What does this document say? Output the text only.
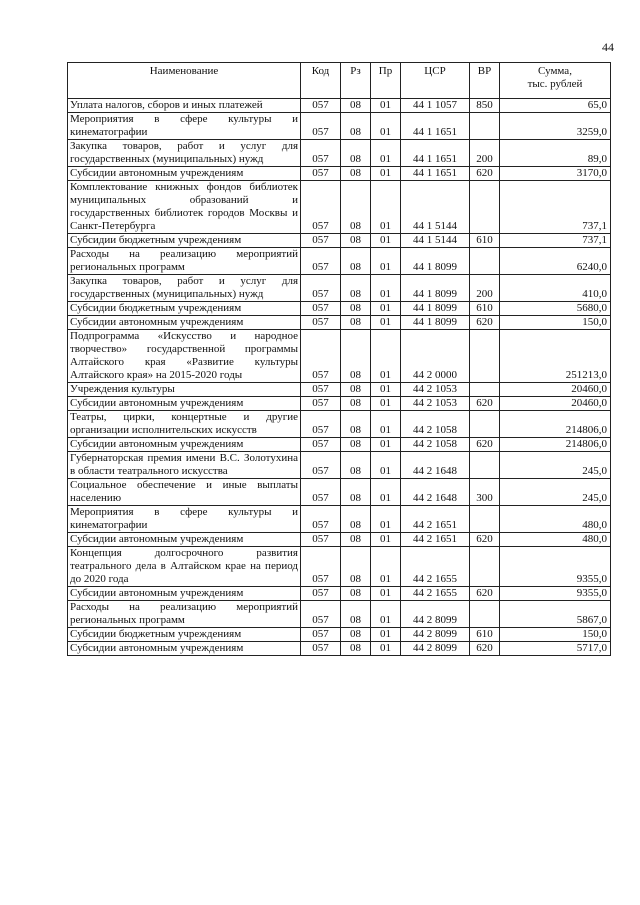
44
Наименование	Код	Рз	Пр	ЦСР	ВР	Сумма,
тыс. рублей
Уплата налогов, сборов и иных платежей	057	08	01	44 1 1057	850	65,0
Мероприятия в сфере культуры и кинематографии	057	08	01	44 1 1651		3259,0
Закупка товаров, работ и услуг для государственных (муниципальных) нужд	057	08	01	44 1 1651	200	89,0
Субсидии автономным учреждениям	057	08	01	44 1 1651	620	3170,0
Комплектование книжных фондов библиотек муниципальных образований и государственных библиотек городов Москвы и Санкт-Петербурга	057	08	01	44 1 5144		737,1
Субсидии бюджетным учреждениям	057	08	01	44 1 5144	610	737,1
Расходы на реализацию мероприятий региональных программ	057	08	01	44 1 8099		6240,0
Закупка товаров, работ и услуг для государственных (муниципальных) нужд	057	08	01	44 1 8099	200	410,0
Субсидии бюджетным учреждениям	057	08	01	44 1 8099	610	5680,0
Субсидии автономным учреждениям	057	08	01	44 1 8099	620	150,0
Подпрограмма «Искусство и народное творчество» государственной программы Алтайского края «Развитие культуры Алтайского края» на 2015-2020 годы	057	08	01	44 2 0000		251213,0
Учреждения культуры	057	08	01	44 2 1053		20460,0
Субсидии автономным учреждениям	057	08	01	44 2 1053	620	20460,0
Театры, цирки, концертные и другие организации исполнительских искусств	057	08	01	44 2 1058		214806,0
Субсидии автономным учреждениям	057	08	01	44 2 1058	620	214806,0
Губернаторская премия имени В.С. Золотухина в области театрального искусства	057	08	01	44 2 1648		245,0
Социальное обеспечение и иные выплаты населению	057	08	01	44 2 1648	300	245,0
Мероприятия в сфере культуры и кинематографии	057	08	01	44 2 1651		480,0
Субсидии автономным учреждениям	057	08	01	44 2 1651	620	480,0
Концепция долгосрочного развития театрального дела в Алтайском крае на период до 2020 года	057	08	01	44 2 1655		9355,0
Субсидии автономным учреждениям	057	08	01	44 2 1655	620	9355,0
Расходы на реализацию мероприятий региональных программ	057	08	01	44 2 8099		5867,0
Субсидии бюджетным учреждениям	057	08	01	44 2 8099	610	150,0
Субсидии автономным учреждениям	057	08	01	44 2 8099	620	5717,0
